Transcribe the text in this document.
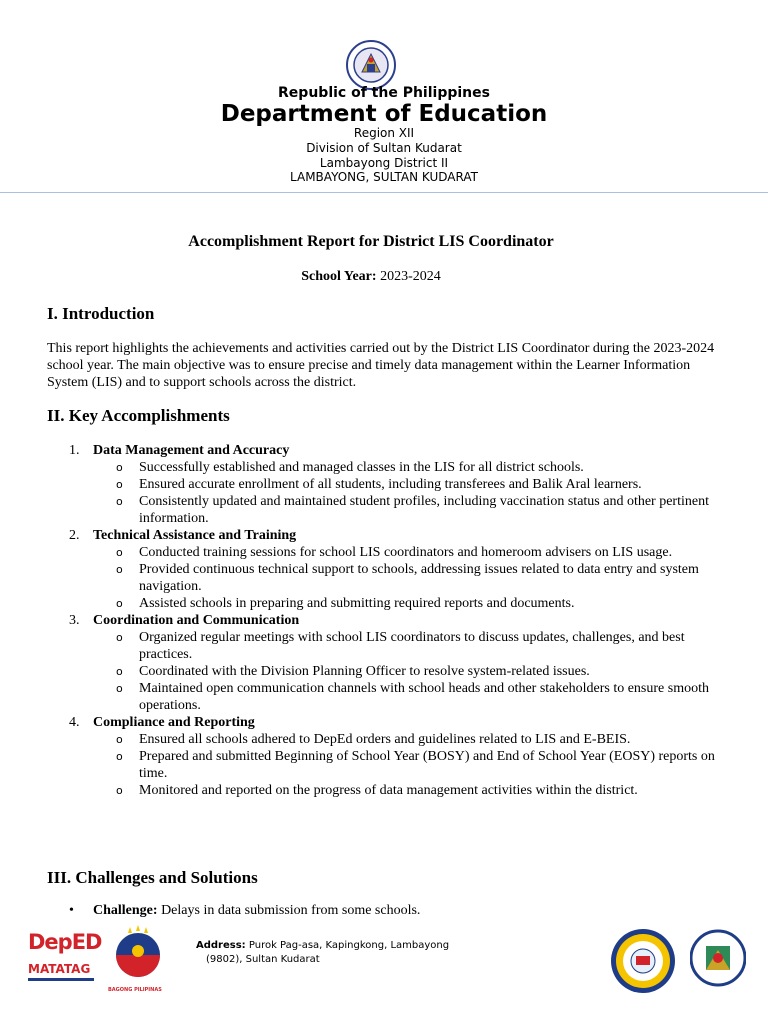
Republic of the Philippines
Department of Education
Region XII
Division of Sultan Kudarat
Lambayong District II
LAMBAYONG, SULTAN KUDARAT
Accomplishment Report for District LIS Coordinator
School Year: 2023-2024
I. Introduction
This report highlights the achievements and activities carried out by the District LIS Coordinator during the 2023-2024 school year. The main objective was to ensure precise and timely data management within the Learner Information System (LIS) and to support schools across the district.
II. Key Accomplishments
1. Data Management and Accuracy
o Successfully established and managed classes in the LIS for all district schools.
o Ensured accurate enrollment of all students, including transferees and Balik Aral learners.
o Consistently updated and maintained student profiles, including vaccination status and other pertinent information.
2. Technical Assistance and Training
o Conducted training sessions for school LIS coordinators and homeroom advisers on LIS usage.
o Provided continuous technical support to schools, addressing issues related to data entry and system navigation.
o Assisted schools in preparing and submitting required reports and documents.
3. Coordination and Communication
o Organized regular meetings with school LIS coordinators to discuss updates, challenges, and best practices.
o Coordinated with the Division Planning Officer to resolve system-related issues.
o Maintained open communication channels with school heads and other stakeholders to ensure smooth operations.
4. Compliance and Reporting
o Ensured all schools adhered to DepEd orders and guidelines related to LIS and E-BEIS.
o Prepared and submitted Beginning of School Year (BOSY) and End of School Year (EOSY) reports on time.
o Monitored and reported on the progress of data management activities within the district.
III. Challenges and Solutions
• Challenge: Delays in data submission from some schools.
DepED
MATATAG
BAGONG PILIPINAS
Address: Purok Pag-asa, Kapingkong, Lambayong
(9802), Sultan Kudarat
